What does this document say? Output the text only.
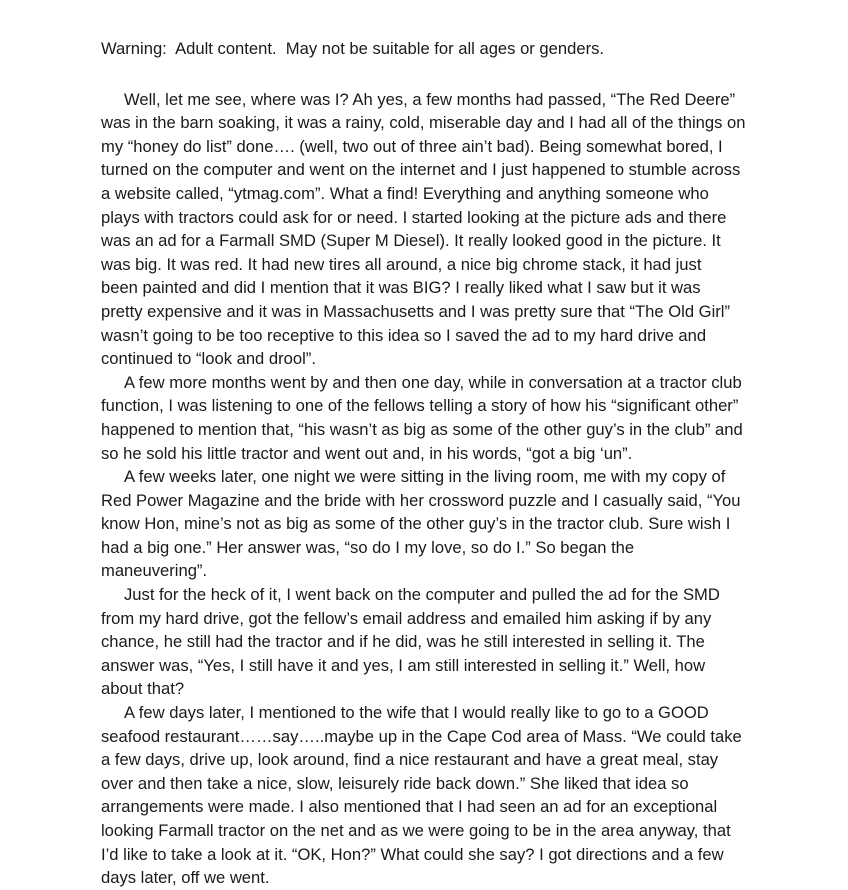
Warning:  Adult content.  May not be suitable for all ages or genders.

Well, let me see, where was I? Ah yes, a few months had passed, “The Red Deere”
was in the barn soaking, it was a rainy, cold, miserable day and I had all of the things on
my “honey do list” done…. (well, two out of three ain’t bad). Being somewhat bored, I
turned on the computer and went on the internet and I just happened to stumble across
a website called, “ytmag.com”. What a find! Everything and anything someone who
plays with tractors could ask for or need. I started looking at the picture ads and there
was an ad for a Farmall SMD (Super M Diesel). It really looked good in the picture. It
was big. It was red. It had new tires all around, a nice big chrome stack, it had just
been painted and did I mention that it was BIG? I really liked what I saw but it was
pretty expensive and it was in Massachusetts and I was pretty sure that “The Old Girl”
wasn’t going to be too receptive to this idea so I saved the ad to my hard drive and
continued to “look and drool”.

A few more months went by and then one day, while in conversation at a tractor club
function, I was listening to one of the fellows telling a story of how his “significant other”
happened to mention that, “his wasn’t as big as some of the other guy’s in the club” and
so he sold his little tractor and went out and, in his words, “got a big ‘un”.

A few weeks later, one night we were sitting in the living room, me with my copy of
Red Power Magazine and the bride with her crossword puzzle and I casually said, “You
know Hon, mine’s not as big as some of the other guy’s in the tractor club. Sure wish I
had a big one.” Her answer was, “so do I my love, so do I.” So began the
maneuvering”.

Just for the heck of it, I went back on the computer and pulled the ad for the SMD
from my hard drive, got the fellow’s email address and emailed him asking if by any
chance, he still had the tractor and if he did, was he still interested in selling it. The
answer was, “Yes, I still have it and yes, I am still interested in selling it.” Well, how
about that?

A few days later, I mentioned to the wife that I would really like to go to a GOOD
seafood restaurant……say…..maybe up in the Cape Cod area of Mass. “We could take
a few days, drive up, look around, find a nice restaurant and have a great meal, stay
over and then take a nice, slow, leisurely ride back down.” She liked that idea so
arrangements were made. I also mentioned that I had seen an ad for an exceptional
looking Farmall tractor on the net and as we were going to be in the area anyway, that
I’d like to take a look at it. “OK, Hon?” What could she say? I got directions and a few
days later, off we went.
